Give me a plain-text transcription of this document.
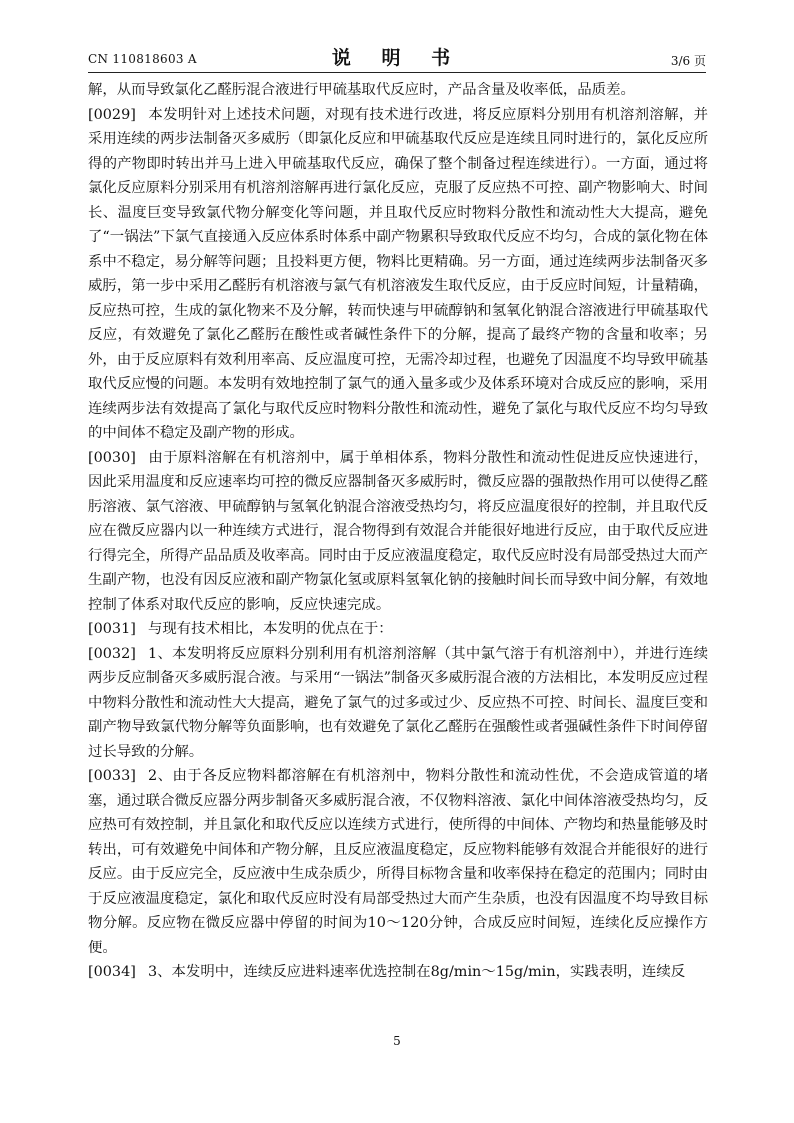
CN 110818603 A	说 明 书	3/6 页

解，从而导致氯化乙醛肟混合液进行甲硫基取代反应时，产品含量及收率低，品质差。

[0029] 本发明针对上述技术问题，对现有技术进行改进，将反应原料分别用有机溶剂溶解，并采用连续的两步法制备灭多威肟（即氯化反应和甲硫基取代反应是连续且同时进行的，氯化反应所得的产物即时转出并马上进入甲硫基取代反应，确保了整个制备过程连续进行）。一方面，通过将氯化反应原料分别采用有机溶剂溶解再进行氯化反应，克服了反应热不可控、副产物影响大、时间长、温度巨变导致氯代物分解变化等问题，并且取代反应时物料分散性和流动性大大提高，避免了“一锅法”下氯气直接通入反应体系时体系中副产物累积导致取代反应不均匀，合成的氯化物在体系中不稳定，易分解等问题；且投料更方便，物料比更精确。另一方面，通过连续两步法制备灭多威肟，第一步中采用乙醛肟有机溶液与氯气有机溶液发生取代反应，由于反应时间短，计量精确，反应热可控，生成的氯化物来不及分解，转而快速与甲硫醇钠和氢氧化钠混合溶液进行甲硫基取代反应，有效避免了氯化乙醛肟在酸性或者碱性条件下的分解，提高了最终产物的含量和收率；另外，由于反应原料有效利用率高、反应温度可控，无需冷却过程，也避免了因温度不均导致甲硫基取代反应慢的问题。本发明有效地控制了氯气的通入量多或少及体系环境对合成反应的影响，采用连续两步法有效提高了氯化与取代反应时物料分散性和流动性，避免了氯化与取代反应不均匀导致的中间体不稳定及副产物的形成。

[0030] 由于原料溶解在有机溶剂中，属于单相体系，物料分散性和流动性促进反应快速进行，因此采用温度和反应速率均可控的微反应器制备灭多威肟时，微反应器的强散热作用可以使得乙醛肟溶液、氯气溶液、甲硫醇钠与氢氧化钠混合溶液受热均匀，将反应温度很好的控制，并且取代反应在微反应器内以一种连续方式进行，混合物得到有效混合并能很好地进行反应，由于取代反应进行得完全，所得产品品质及收率高。同时由于反应液温度稳定，取代反应时没有局部受热过大而产生副产物，也没有因反应液和副产物氯化氢或原料氢氧化钠的接触时间长而导致中间分解，有效地控制了体系对取代反应的影响，反应快速完成。

[0031] 与现有技术相比，本发明的优点在于：

[0032] 1、本发明将反应原料分别利用有机溶剂溶解（其中氯气溶于有机溶剂中），并进行连续两步反应制备灭多威肟混合液。与采用“一锅法”制备灭多威肟混合液的方法相比，本发明反应过程中物料分散性和流动性大大提高，避免了氯气的过多或过少、反应热不可控、时间长、温度巨变和副产物导致氯代物分解等负面影响，也有效避免了氯化乙醛肟在强酸性或者强碱性条件下时间停留过长导致的分解。

[0033] 2、由于各反应物料都溶解在有机溶剂中，物料分散性和流动性优，不会造成管道的堵塞，通过联合微反应器分两步制备灭多威肟混合液，不仅物料溶液、氯化中间体溶液受热均匀，反应热可有效控制，并且氯化和取代反应以连续方式进行，使所得的中间体、产物均和热量能够及时转出，可有效避免中间体和产物分解，且反应液温度稳定，反应物料能够有效混合并能很好的进行反应。由于反应完全，反应液中生成杂质少，所得目标物含量和收率保持在稳定的范围内；同时由于反应液温度稳定，氯化和取代反应时没有局部受热过大而产生杂质，也没有因温度不均导致目标物分解。反应物在微反应器中停留的时间为10～120分钟，合成反应时间短，连续化反应操作方便。

[0034] 3、本发明中，连续反应进料速率优选控制在8g/min～15g/min，实践表明，连续反

5
